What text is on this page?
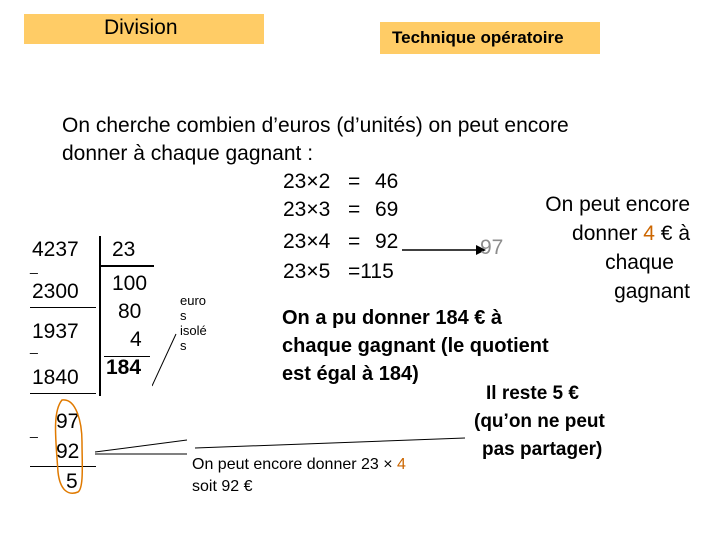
Division	Technique opératoire
On cherche combien d’euros (d’unités) on peut encore
donner à chaque gagnant :
23×2 = 46
23×3 = 69
23×4 = 92
23×5 =115
4237 23
_
2300 100
80
4
184
1937
_
1840
97
_
92
5
euro
s
isolé
s
On peut encore
donner 4 € à
chaque
gagnant
97
On a pu donner 184 € à
chaque gagnant (le quotient
est égal à 184)
Il reste 5 €
(qu’on ne peut
pas partager)
On peut encore donner 23 × 4
soit 92 €
